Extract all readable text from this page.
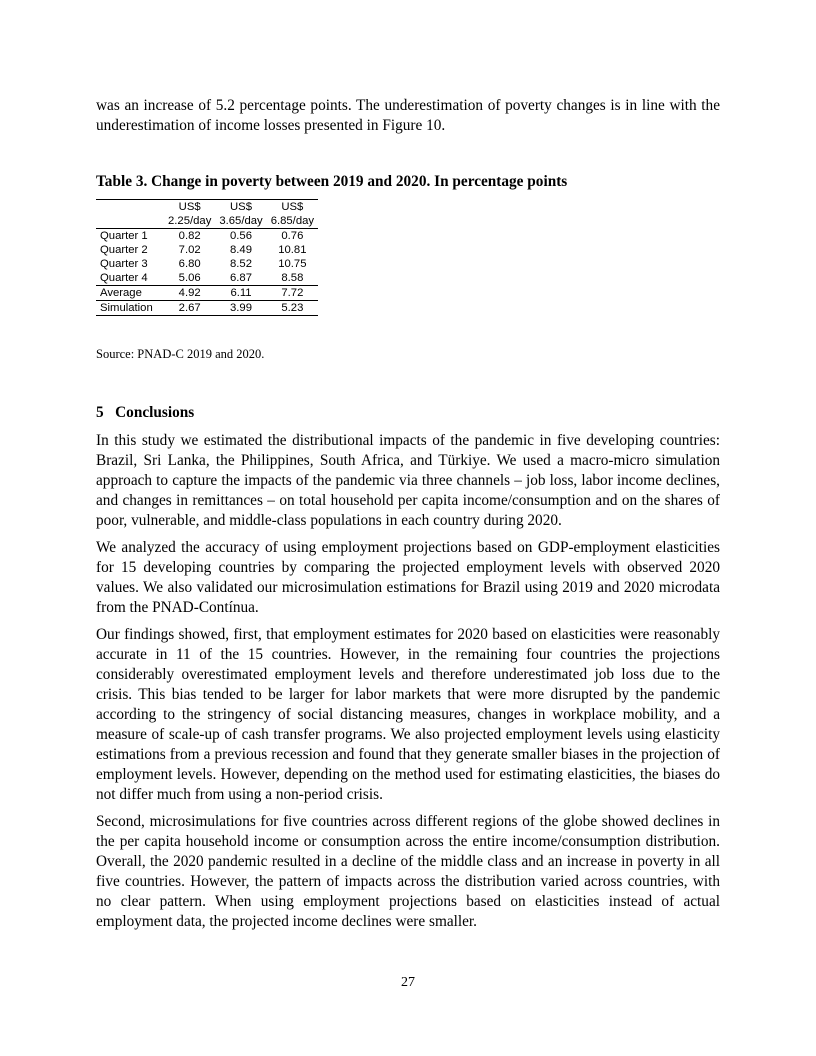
was an increase of 5.2 percentage points. The underestimation of poverty changes is in line with the underestimation of income losses presented in Figure 10.

Table 3. Change in poverty between 2019 and 2020. In percentage points

	US$	US$	US$
	2.25/day	3.65/day	6.85/day
Quarter 1	0.82	0.56	0.76
Quarter 2	7.02	8.49	10.81
Quarter 3	6.80	8.52	10.75
Quarter 4	5.06	6.87	8.58
Average	4.92	6.11	7.72
Simulation	2.67	3.99	5.23

Source: PNAD-C 2019 and 2020.

5   Conclusions

In this study we estimated the distributional impacts of the pandemic in five developing countries: Brazil, Sri Lanka, the Philippines, South Africa, and Türkiye. We used a macro-micro simulation approach to capture the impacts of the pandemic via three channels – job loss, labor income declines, and changes in remittances – on total household per capita income/consumption and on the shares of poor, vulnerable, and middle-class populations in each country during 2020.

We analyzed the accuracy of using employment projections based on GDP-employment elasticities for 15 developing countries by comparing the projected employment levels with observed 2020 values. We also validated our microsimulation estimations for Brazil using 2019 and 2020 microdata from the PNAD-Contínua.

Our findings showed, first, that employment estimates for 2020 based on elasticities were reasonably accurate in 11 of the 15 countries. However, in the remaining four countries the projections considerably overestimated employment levels and therefore underestimated job loss due to the crisis. This bias tended to be larger for labor markets that were more disrupted by the pandemic according to the stringency of social distancing measures, changes in workplace mobility, and a measure of scale-up of cash transfer programs. We also projected employment levels using elasticity estimations from a previous recession and found that they generate smaller biases in the projection of employment levels. However, depending on the method used for estimating elasticities, the biases do not differ much from using a non-period crisis.

Second, microsimulations for five countries across different regions of the globe showed declines in the per capita household income or consumption across the entire income/consumption distribution. Overall, the 2020 pandemic resulted in a decline of the middle class and an increase in poverty in all five countries. However, the pattern of impacts across the distribution varied across countries, with no clear pattern. When using employment projections based on elasticities instead of actual employment data, the projected income declines were smaller.

27
